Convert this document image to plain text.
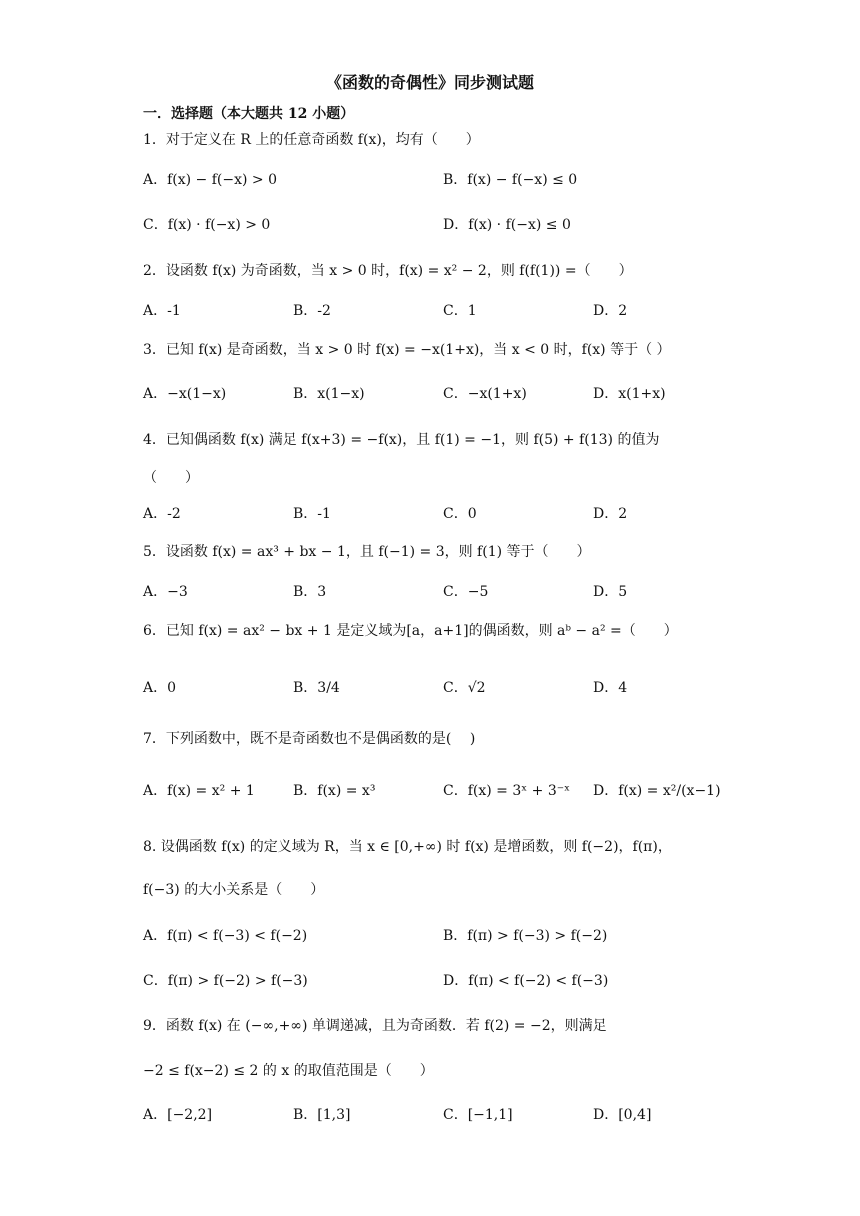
《函数的奇偶性》同步测试题
一．选择题（本大题共 12 小题）
1．对于定义在 R 上的任意奇函数 f(x)，均有（　　）
A．f(x) − f(−x) > 0	B．f(x) − f(−x) ≤ 0
C．f(x) · f(−x) > 0	D．f(x) · f(−x) ≤ 0
2．设函数 f(x) 为奇函数，当 x > 0 时，f(x) = x² − 2，则 f(f(1)) =（　　）
A．-1	B．-2	C．1	D．2
3．已知 f(x) 是奇函数，当 x > 0 时 f(x) = −x(1+x)，当 x < 0 时，f(x) 等于（ ）
A．−x(1−x)	B．x(1−x)	C．−x(1+x)	D．x(1+x)
4．已知偶函数 f(x) 满足 f(x+3) = −f(x)，且 f(1) = −1，则 f(5) + f(13) 的值为
（　　）
A．-2	B．-1	C．0	D．2
5．设函数 f(x) = ax³ + bx − 1，且 f(−1) = 3，则 f(1) 等于（　　）
A．−3	B．3	C．−5	D．5
6．已知 f(x) = ax² − bx + 1 是定义域为[a，a+1]的偶函数，则 aᵇ − a² =（　　）
A．0	B．3/4	C．√2	D．4
7．下列函数中，既不是奇函数也不是偶函数的是(　 )
A．f(x) = x² + 1	B．f(x) = x³	C．f(x) = 3ˣ + 3⁻ˣ D．f(x) = x²/(x−1)
8. 设偶函数 f(x) 的定义域为 R，当 x ∈ [0,+∞) 时 f(x) 是增函数，则 f(−2)，f(π)，
f(−3) 的大小关系是（　　）
A．f(π) < f(−3) < f(−2)	B．f(π) > f(−3) > f(−2)
C．f(π) > f(−2) > f(−3)	D．f(π) < f(−2) < f(−3)
9．函数 f(x) 在 (−∞,+∞) 单调递减，且为奇函数．若 f(2) = −2，则满足
−2 ≤ f(x−2) ≤ 2 的 x 的取值范围是（　　）
A．[−2,2]	B．[1,3]	C．[−1,1]	D．[0,4]
